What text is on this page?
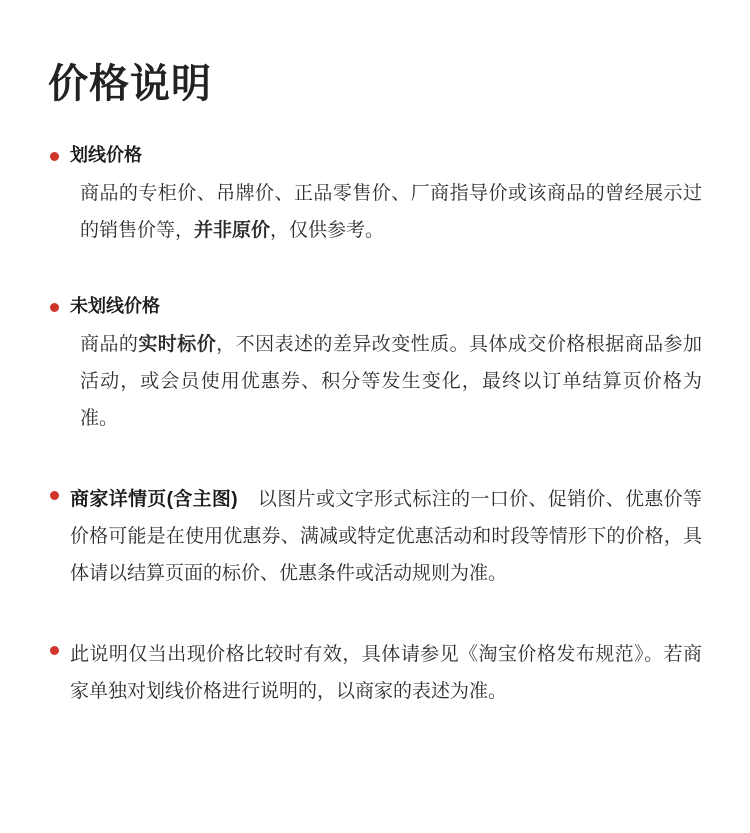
价格说明
划线价格

商品的专柜价、吊牌价、正品零售价、厂商指导价或该商品的曾经展示过的销售价等，并非原价，仅供参考。

未划线价格

商品的实时标价，不因表述的差异改变性质。具体成交价格根据商品参加活动，或会员使用优惠券、积分等发生变化，最终以订单结算页价格为准。

商家详情页(含主图) 以图片或文字形式标注的一口价、促销价、优惠价等价格可能是在使用优惠券、满减或特定优惠活动和时段等情形下的价格，具体请以结算页面的标价、优惠条件或活动规则为准。

此说明仅当出现价格比较时有效，具体请参见《淘宝价格发布规范》。若商家单独对划线价格进行说明的，以商家的表述为准。
